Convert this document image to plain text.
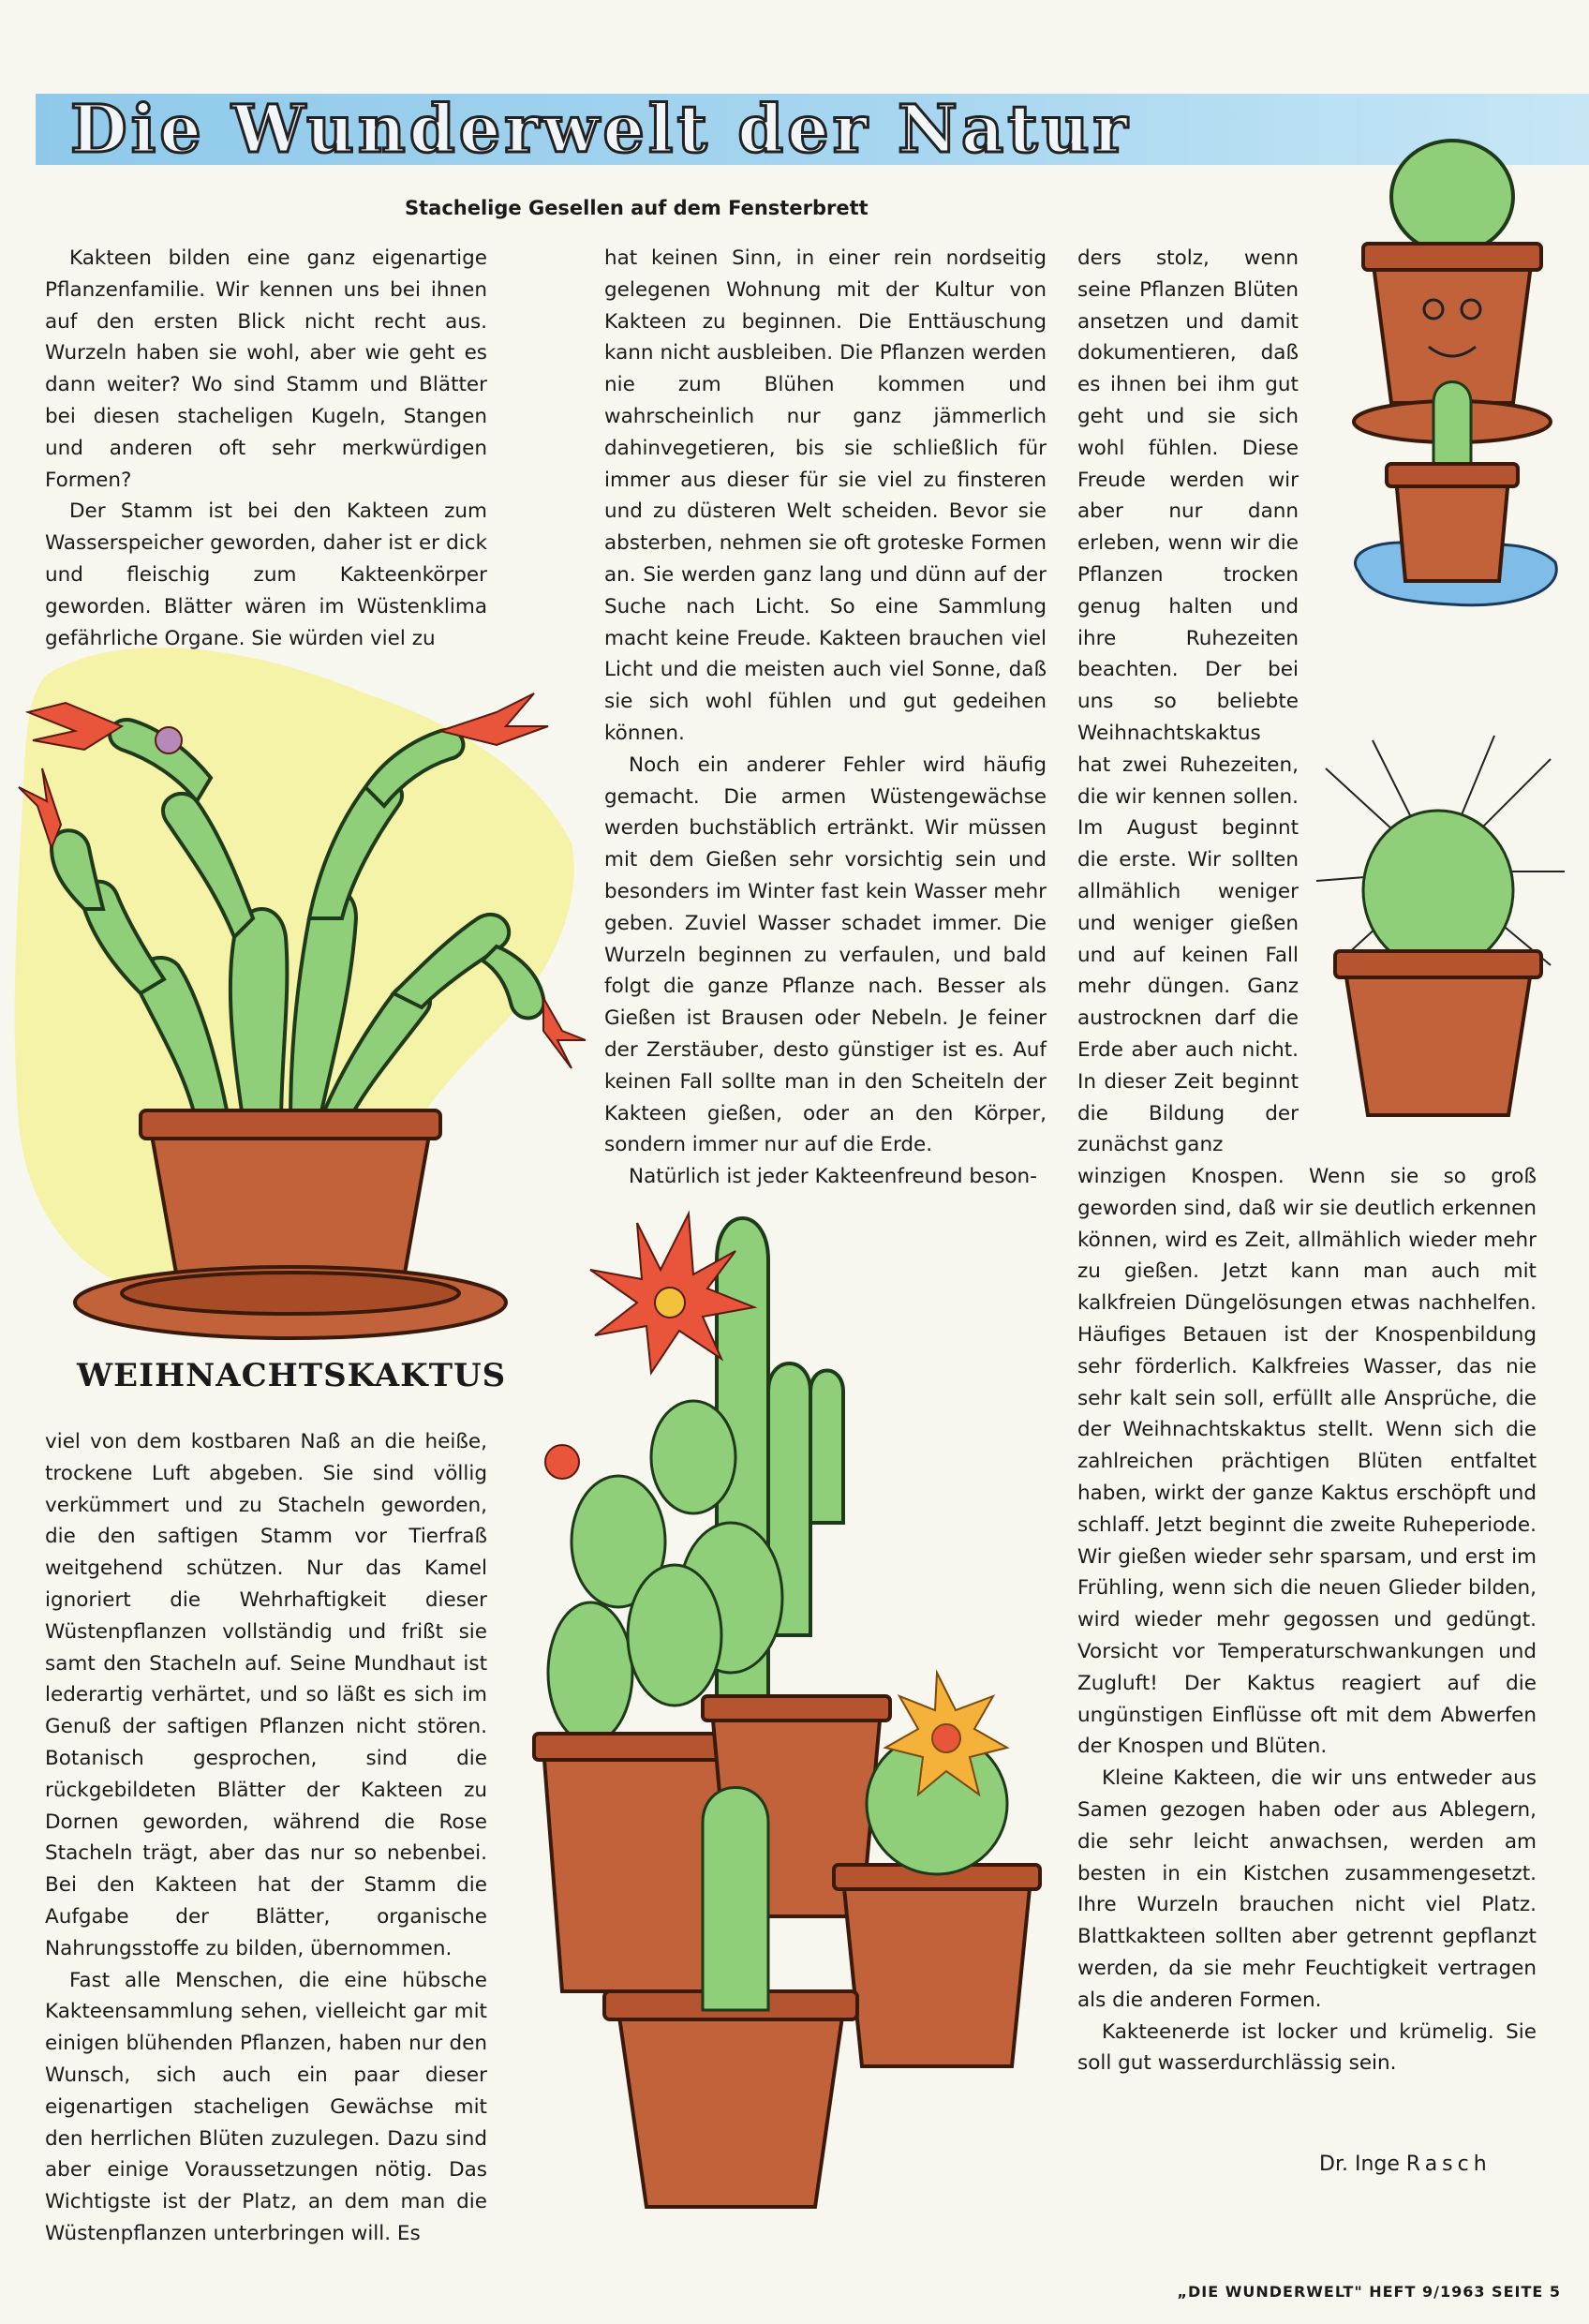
Die Wunderwelt der Natur
Stachelige Gesellen auf dem Fensterbrett

Kakteen bilden eine ganz eigenartige Pflanzenfamilie. Wir kennen uns bei ihnen auf den ersten Blick nicht recht aus. Wurzeln haben sie wohl, aber wie geht es dann weiter? Wo sind Stamm und Blätter bei diesen stacheligen Kugeln, Stangen und anderen oft sehr merkwürdigen Formen?

Der Stamm ist bei den Kakteen zum Wasserspeicher geworden, daher ist er dick und fleischig zum Kakteenkörper geworden. Blätter wären im Wüstenklima gefährliche Organe. Sie würden viel zu

WEIHNACHTSKAKTUS

viel von dem kostbaren Naß an die heiße, trockene Luft abgeben. Sie sind völlig verkümmert und zu Stacheln geworden, die den saftigen Stamm vor Tierfraß weitgehend schützen. Nur das Kamel ignoriert die Wehrhaftigkeit dieser Wüstenpflanzen vollständig und frißt sie samt den Stacheln auf. Seine Mundhaut ist lederartig verhärtet, und so läßt es sich im Genuß der saftigen Pflanzen nicht stören. Botanisch gesprochen, sind die rückgebildeten Blätter der Kakteen zu Dornen geworden, während die Rose Stacheln trägt, aber das nur so nebenbei. Bei den Kakteen hat der Stamm die Aufgabe der Blätter, organische Nahrungsstoffe zu bilden, übernommen.

Fast alle Menschen, die eine hübsche Kakteensammlung sehen, vielleicht gar mit einigen blühenden Pflanzen, haben nur den Wunsch, sich auch ein paar dieser eigenartigen stacheligen Gewächse mit den herrlichen Blüten zuzulegen. Dazu sind aber einige Voraussetzungen nötig. Das Wichtigste ist der Platz, an dem man die Wüstenpflanzen unterbringen will. Es

hat keinen Sinn, in einer rein nordseitig gelegenen Wohnung mit der Kultur von Kakteen zu beginnen. Die Enttäuschung kann nicht ausbleiben. Die Pflanzen werden nie zum Blühen kommen und wahrscheinlich nur ganz jämmerlich dahinvegetieren, bis sie schließlich für immer aus dieser für sie viel zu finsteren und zu düsteren Welt scheiden. Bevor sie absterben, nehmen sie oft groteske Formen an. Sie werden ganz lang und dünn auf der Suche nach Licht. So eine Sammlung macht keine Freude. Kakteen brauchen viel Licht und die meisten auch viel Sonne, daß sie sich wohl fühlen und gut gedeihen können.

Noch ein anderer Fehler wird häufig gemacht. Die armen Wüstengewächse werden buchstäblich ertränkt. Wir müssen mit dem Gießen sehr vorsichtig sein und besonders im Winter fast kein Wasser mehr geben. Zuviel Wasser schadet immer. Die Wurzeln beginnen zu verfaulen, und bald folgt die ganze Pflanze nach. Besser als Gießen ist Brausen oder Nebeln. Je feiner der Zerstäuber, desto günstiger ist es. Auf keinen Fall sollte man in den Scheiteln der Kakteen gießen, oder an den Körper, sondern immer nur auf die Erde.

Natürlich ist jeder Kakteenfreund beson-

ders stolz, wenn seine Pflanzen Blüten ansetzen und damit dokumentieren, daß es ihnen bei ihm gut geht und sie sich wohl fühlen. Diese Freude werden wir aber nur dann erleben, wenn wir die Pflanzen trocken genug halten und ihre Ruhezeiten beachten. Der bei uns so beliebte Weihnachtskaktus hat zwei Ruhezeiten, die wir kennen sollen. Im August beginnt die erste. Wir sollten allmählich weniger und weniger gießen und auf keinen Fall mehr düngen. Ganz austrocknen darf die Erde aber auch nicht. In dieser Zeit beginnt die Bildung der zunächst ganz

winzigen Knospen. Wenn sie so groß geworden sind, daß wir sie deutlich erkennen können, wird es Zeit, allmählich wieder mehr zu gießen. Jetzt kann man auch mit kalkfreien Düngelösungen etwas nachhelfen. Häufiges Betauen ist der Knospenbildung sehr förderlich. Kalkfreies Wasser, das nie sehr kalt sein soll, erfüllt alle Ansprüche, die der Weihnachtskaktus stellt. Wenn sich die zahlreichen prächtigen Blüten entfaltet haben, wirkt der ganze Kaktus erschöpft und schlaff. Jetzt beginnt die zweite Ruheperiode. Wir gießen wieder sehr sparsam, und erst im Frühling, wenn sich die neuen Glieder bilden, wird wieder mehr gegossen und gedüngt. Vorsicht vor Temperaturschwankungen und Zugluft! Der Kaktus reagiert auf die ungünstigen Einflüsse oft mit dem Abwerfen der Knospen und Blüten.

Kleine Kakteen, die wir uns entweder aus Samen gezogen haben oder aus Ablegern, die sehr leicht anwachsen, werden am besten in ein Kistchen zusammengesetzt. Ihre Wurzeln brauchen nicht viel Platz. Blattkakteen sollten aber getrennt gepflanzt werden, da sie mehr Feuchtigkeit vertragen als die anderen Formen.

Kakteenerde ist locker und krümelig. Sie soll gut wasserdurchlässig sein.

Dr. Inge Rasch
„DIE WUNDERWELT" HEFT 9/1963 SEITE 5
